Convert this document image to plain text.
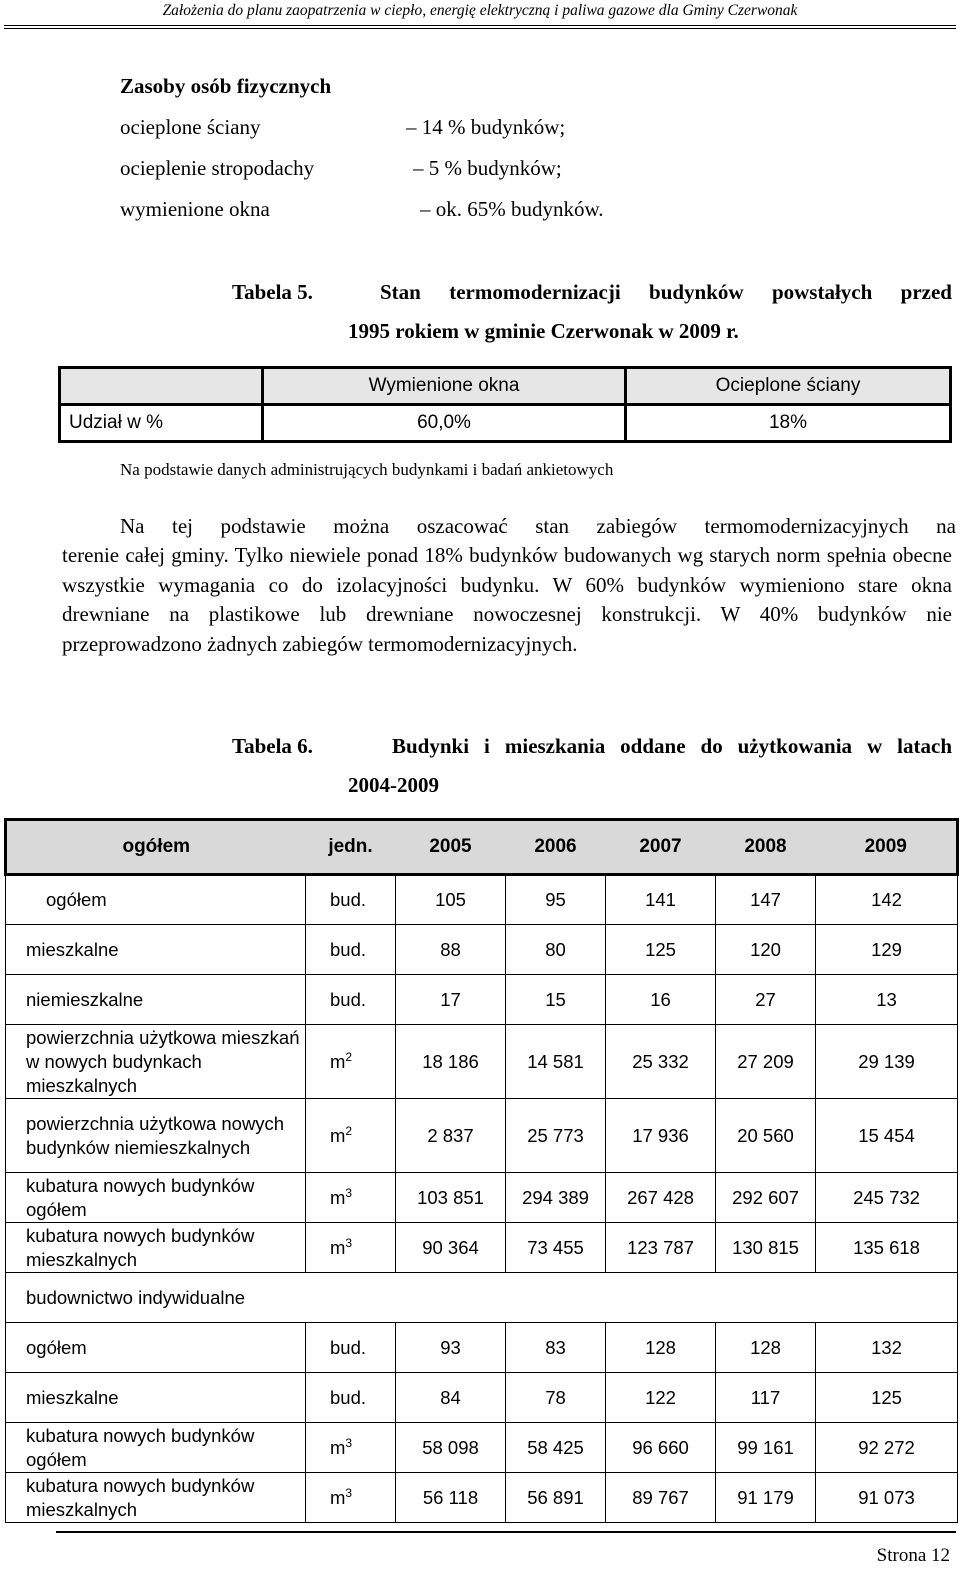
Założenia do planu zaopatrzenia w ciepło, energię elektryczną i paliwa gazowe dla Gminy Czerwonak
Zasoby osób fizycznych
ocieplone ściany	– 14 % budynków;
ocieplenie stropodachy	– 5 % budynków;
wymienione okna	– ok. 65% budynków.
Tabela 5.	Stan termomodernizacji budynków powstałych przed
1995 rokiem w gminie Czerwonak w 2009 r.
	Wymienione okna	Ocieplone ściany
Udział w %	60,0%	18%
Na podstawie danych administrujących budynkami i badań ankietowych
Na tej podstawie można oszacować stan zabiegów termomodernizacyjnych na
terenie całej gminy. Tylko niewiele ponad 18% budynków budowanych wg starych norm spełnia obecne wszystkie wymagania co do izolacyjności budynku. W 60% budynków wymieniono stare okna drewniane na plastikowe lub drewniane nowoczesnej konstrukcji. W 40% budynków nie przeprowadzono żadnych zabiegów termomodernizacyjnych.
Tabela 6.	Budynki i mieszkania oddane do użytkowania w latach
2004-2009
ogółem	jedn.	2005	2006	2007	2008	2009
ogółem	bud.	105	95	141	147	142
mieszkalne	bud.	88	80	125	120	129
niemieszkalne	bud.	17	15	16	27	13
powierzchnia użytkowa mieszkań w nowych budynkach mieszkalnych	$m^2$	18 186	14 581	25 332	27 209	29 139
powierzchnia użytkowa nowych budynków niemieszkalnych	$m^2$	2 837	25 773	17 936	20 560	15 454
kubatura nowych budynków ogółem	$m^3$	103 851	294 389	267 428	292 607	245 732
kubatura nowych budynków mieszkalnych	$m^3$	90 364	73 455	123 787	130 815	135 618
budownictwo indywidualne						
ogółem	bud.	93	83	128	128	132
mieszkalne	bud.	84	78	122	117	125
kubatura nowych budynków ogółem	$m^3$	58 098	58 425	96 660	99 161	92 272
kubatura nowych budynków mieszkalnych	$m^3$	56 118	56 891	89 767	91 179	91 073
Strona 12
